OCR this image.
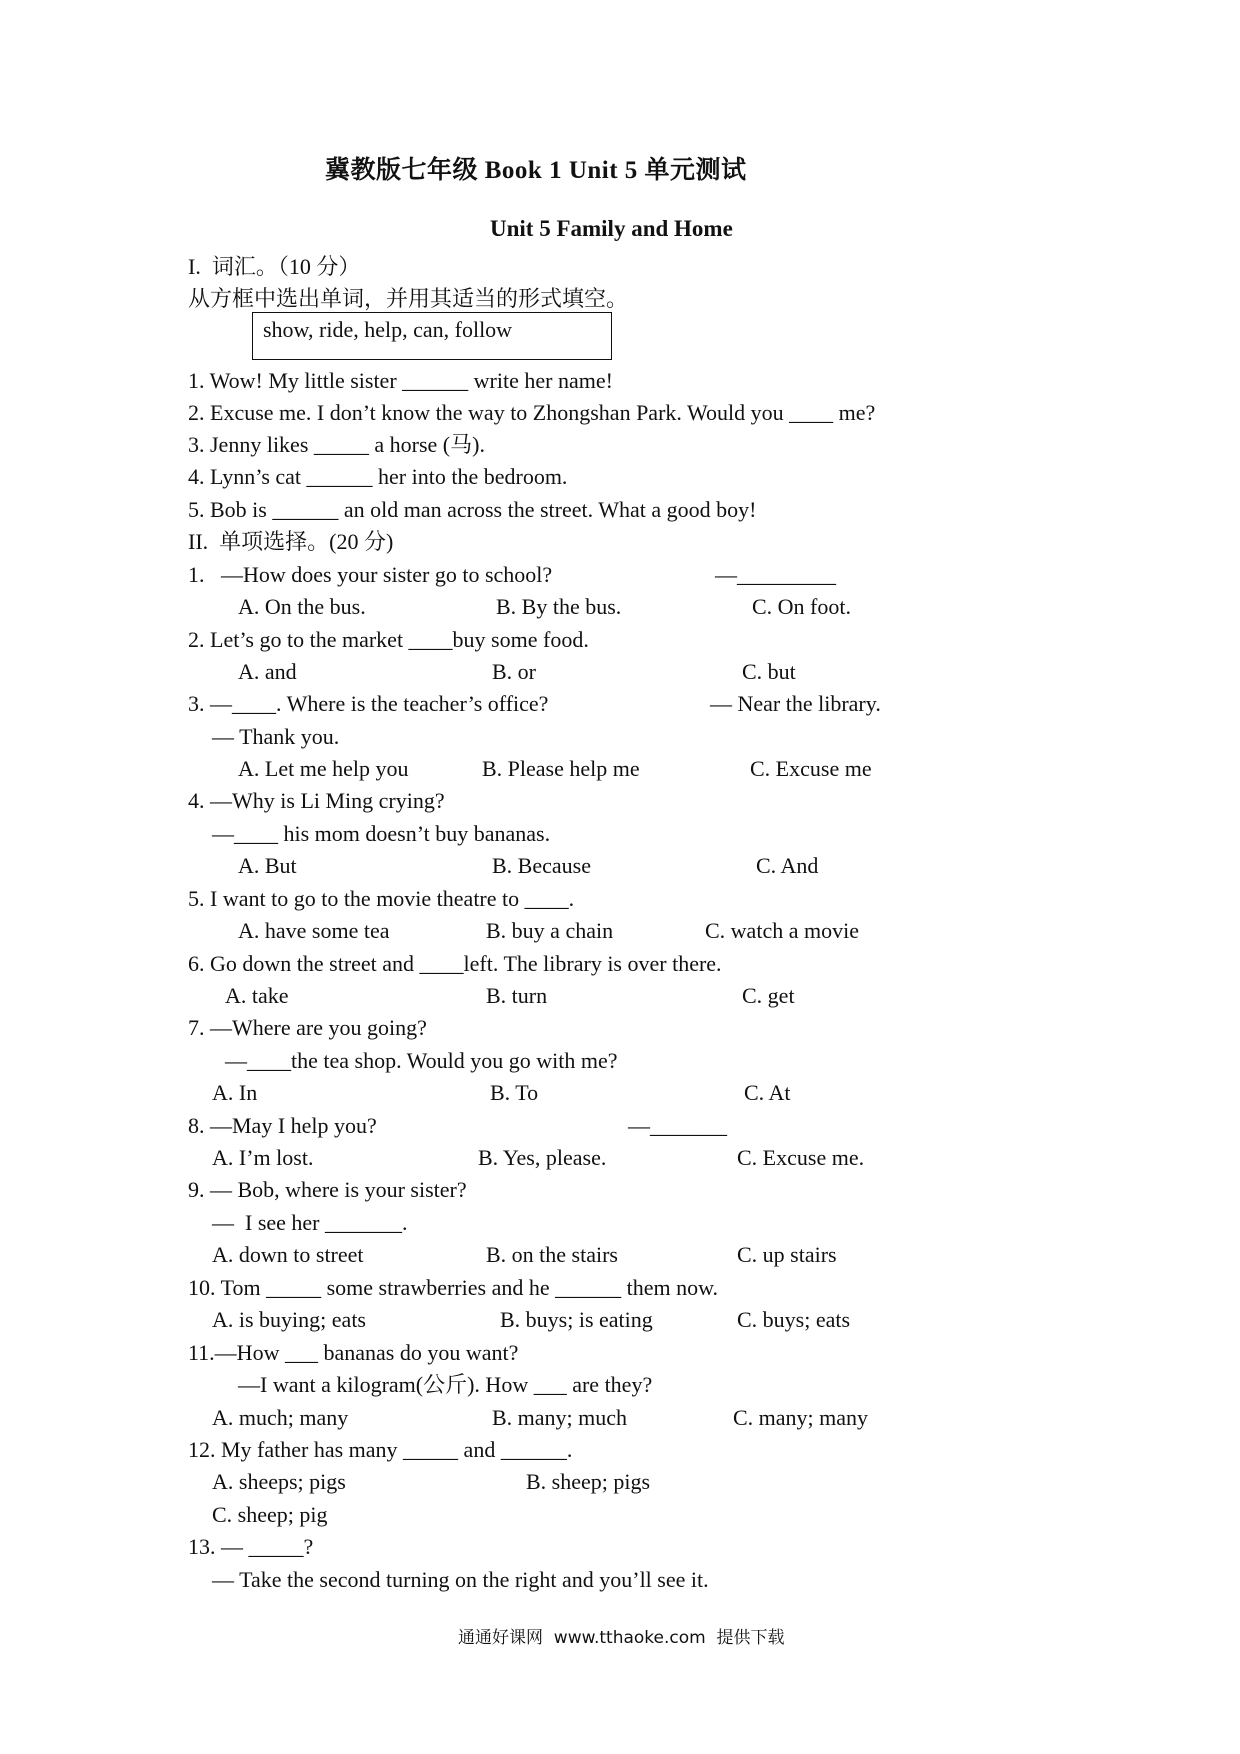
冀教版七年级 Book 1 Unit 5 单元测试
Unit 5 Family and Home
I.  词汇。（10 分）
从方框中选出单词，并用其适当的形式填空。
show, ride, help, can, follow
1. Wow! My little sister ______ write her name!
2. Excuse me. I don’t know the way to Zhongshan Park. Would you ____ me?
3. Jenny likes _____ a horse (马).
4. Lynn’s cat ______ her into the bedroom.
5. Bob is ______ an old man across the street. What a good boy!
II.  单项选择。(20 分)
1.   —How does your sister go to school?	—_________
A. On the bus.	B. By the bus.	C. On foot.
2. Let’s go to the market ____buy some food.
A. and	B. or	C. but
3. —____. Where is the teacher’s office?	— Near the library.
— Thank you.
A. Let me help you	B. Please help me	C. Excuse me
4. —Why is Li Ming crying?
—____ his mom doesn’t buy bananas.
A. But	B. Because	C. And
5. I want to go to the movie theatre to ____.
A. have some tea	B. buy a chain	C. watch a movie
6. Go down the street and ____left. The library is over there.
A. take	B. turn	C. get
7. —Where are you going?
—____the tea shop. Would you go with me?
A. In	B. To	C. At
8. —May I help you?	—_______
A. I’m lost.	B. Yes, please.	C. Excuse me.
9. — Bob, where is your sister?
—  I see her _______.
A. down to street	B. on the stairs	C. up stairs
10. Tom _____ some strawberries and he ______ them now.
A. is buying; eats	B. buys; is eating	C. buys; eats
11.—How ___ bananas do you want?
—I want a kilogram(公斤). How ___ are they?
A. much; many	B. many; much	C. many; many
12. My father has many _____ and ______.
A. sheeps; pigs	B. sheep; pigs
C. sheep; pig
13. — _____?
— Take the second turning on the right and you’ll see it.
通通好课网  www.tthaoke.com  提供下载
